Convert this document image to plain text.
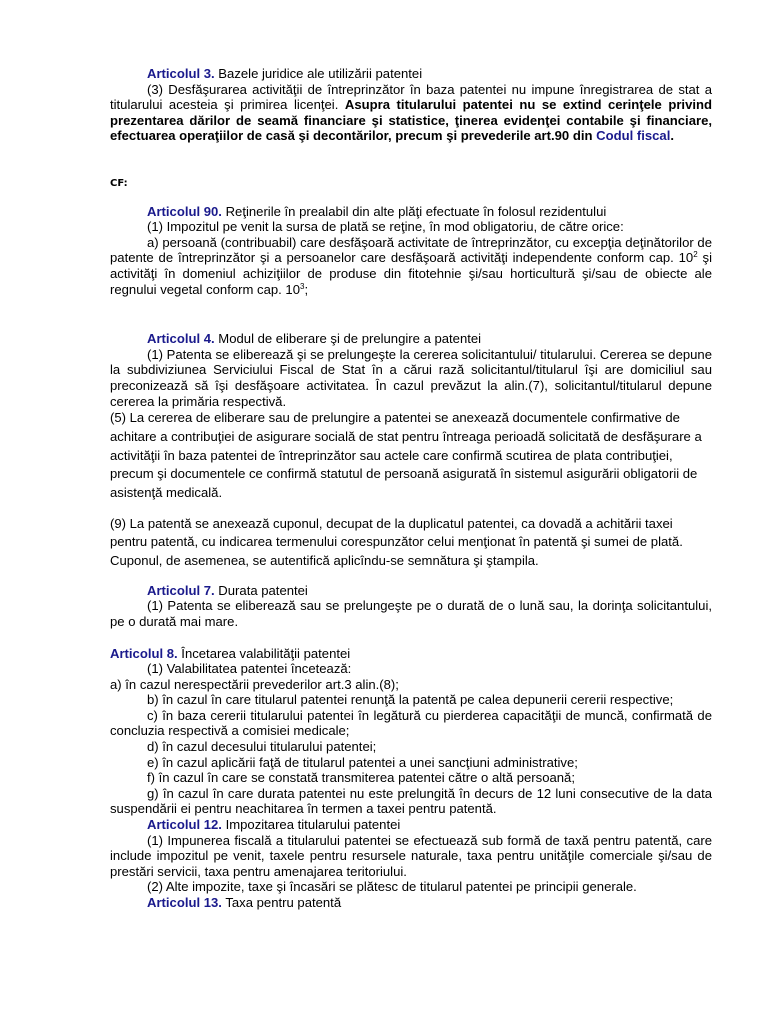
Articolul 3. Bazele juridice ale utilizării patentei

(3) Desfăşurarea activităţii de întreprinzător în baza patentei nu impune înregistrarea de stat a titularului acesteia şi primirea licenţei. Asupra titularului patentei nu se extind cerinţele privind prezentarea dărilor de seamă financiare şi statistice, ţinerea evidenţei contabile şi financiare, efectuarea operaţiilor de casă şi decontărilor, precum şi prevederile art.90 din Codul fiscal.

CF:

Articolul 90. Reţinerile în prealabil din alte plăţi efectuate în folosul rezidentului

(1) Impozitul pe venit la sursa de plată se reţine, în mod obligatoriu, de către orice:

a) persoană (contribuabil) care desfăşoară activitate de întreprinzător, cu excepţia deţinătorilor de patente de întreprinzător şi a persoanelor care desfăşoară activităţi independente conform cap. $10^2$ şi activităţi în domeniul achiziţiilor de produse din fitotehnie şi/sau horticultură şi/sau de obiecte ale regnului vegetal conform cap. $10^3$;

Articolul 4. Modul de eliberare şi de prelungire a patentei

(1) Patenta se eliberează şi se prelungeşte la cererea solicitantului/ titularului. Cererea se depune la subdiviziunea Serviciului Fiscal de Stat în a cărui rază solicitantul/titularul îşi are domiciliul sau preconizează să îşi desfăşoare activitatea. În cazul prevăzut la alin.(7), solicitantul/titularul depune cererea la primăria respectivă.

(5) La cererea de eliberare sau de prelungire a patentei se anexează documentele confirmative de achitare a contribuţiei de asigurare socială de stat pentru întreaga perioadă solicitată de desfăşurare a activităţii în baza patentei de întreprinzător sau actele care confirmă scutirea de plata contribuţiei, precum şi documentele ce confirmă statutul de persoană asigurată în sistemul asigurării obligatorii de asistenţă medicală.

(9) La patentă se anexează cuponul, decupat de la duplicatul patentei, ca dovadă a achitării taxei pentru patentă, cu indicarea termenului corespunzător celui menţionat în patentă şi sumei de plată. Cuponul, de asemenea, se autentifică aplicîndu-se semnătura şi ştampila.

Articolul 7. Durata patentei

(1) Patenta se eliberează sau se prelungeşte pe o durată de o lună sau, la dorinţa solicitantului, pe o durată mai mare.

Articolul 8. Încetarea valabilităţii patentei

(1) Valabilitatea patentei încetează:

a) în cazul nerespectării prevederilor art.3 alin.(8);

b) în cazul în care titularul patentei renunţă la patentă pe calea depunerii cererii respective;

c) în baza cererii titularului patentei în legătură cu pierderea capacităţii de muncă, confirmată de concluzia respectivă a comisiei medicale;

d) în cazul decesului titularului patentei;

e) în cazul aplicării faţă de titularul patentei a unei sancţiuni administrative;

f) în cazul în care se constată transmiterea patentei către o altă persoană;

g) în cazul în care durata patentei nu este prelungită în decurs de 12 luni consecutive de la data suspendării ei pentru neachitarea în termen a taxei pentru patentă.

Articolul 12. Impozitarea titularului patentei

(1) Impunerea fiscală a titularului patentei se efectuează sub formă de taxă pentru patentă, care include impozitul pe venit, taxele pentru resursele naturale, taxa pentru unităţile comerciale şi/sau de prestări servicii, taxa pentru amenajarea teritoriului.

(2) Alte impozite, taxe şi încasări se plătesc de titularul patentei pe principii generale.

Articolul 13. Taxa pentru patentă
